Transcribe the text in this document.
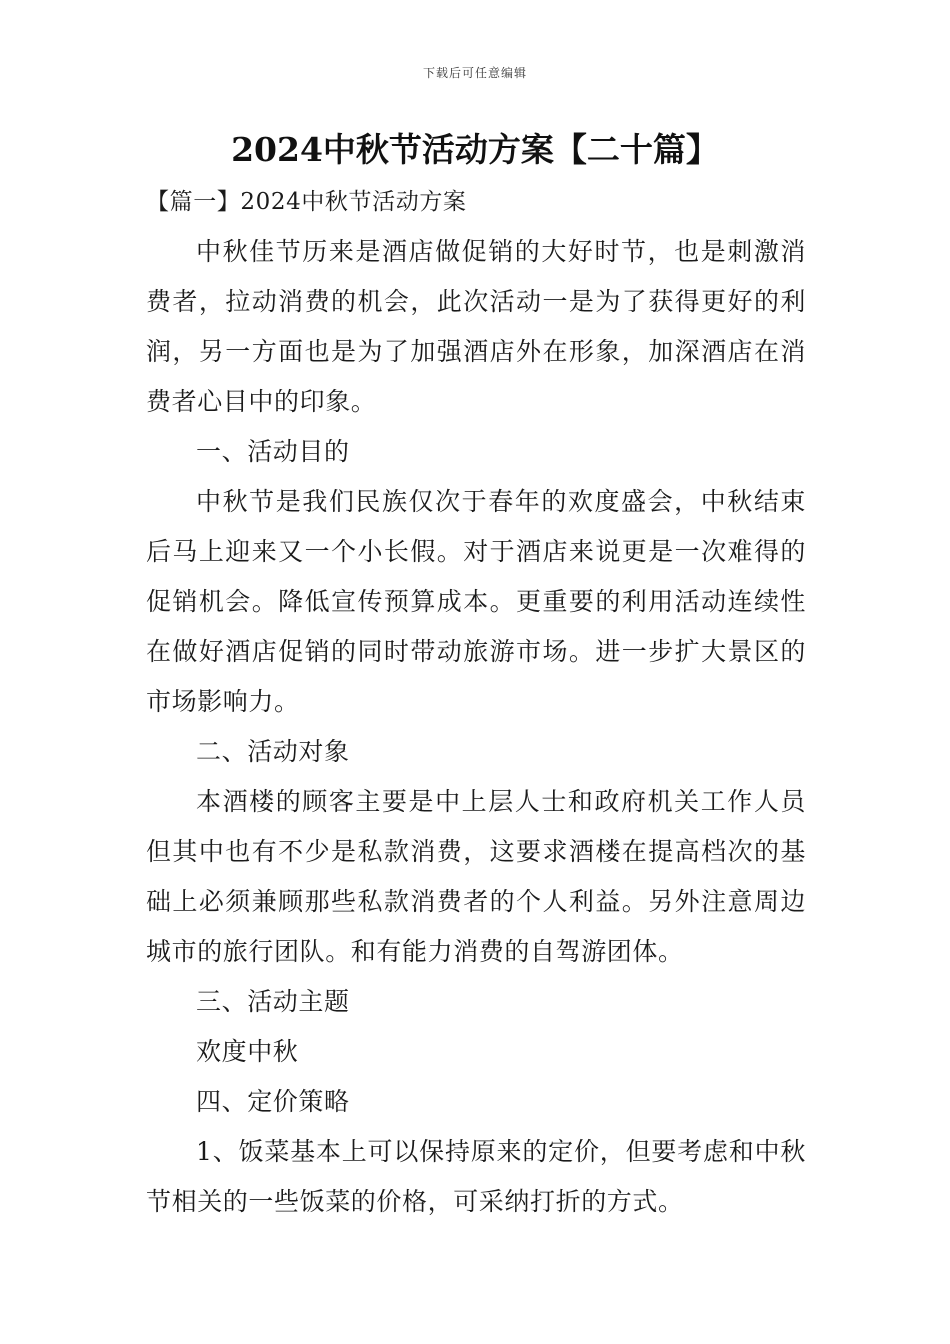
下载后可任意编辑
2024中秋节活动方案【二十篇】

【篇一】2024中秋节活动方案

中秋佳节历来是酒店做促销的大好时节，也是刺激消费者，拉动消费的机会，此次活动一是为了获得更好的利润，另一方面也是为了加强酒店外在形象，加深酒店在消费者心目中的印象。

一、活动目的

中秋节是我们民族仅次于春年的欢度盛会，中秋结束后马上迎来又一个小长假。对于酒店来说更是一次难得的促销机会。降低宣传预算成本。更重要的利用活动连续性在做好酒店促销的同时带动旅游市场。进一步扩大景区的市场影响力。

二、活动对象

本酒楼的顾客主要是中上层人士和政府机关工作人员但其中也有不少是私款消费，这要求酒楼在提高档次的基础上必须兼顾那些私款消费者的个人利益。另外注意周边城市的旅行团队。和有能力消费的自驾游团体。

三、活动主题

欢度中秋

四、定价策略

1、饭菜基本上可以保持原来的定价，但要考虑和中秋节相关的一些饭菜的价格，可采纳打折的方式。
